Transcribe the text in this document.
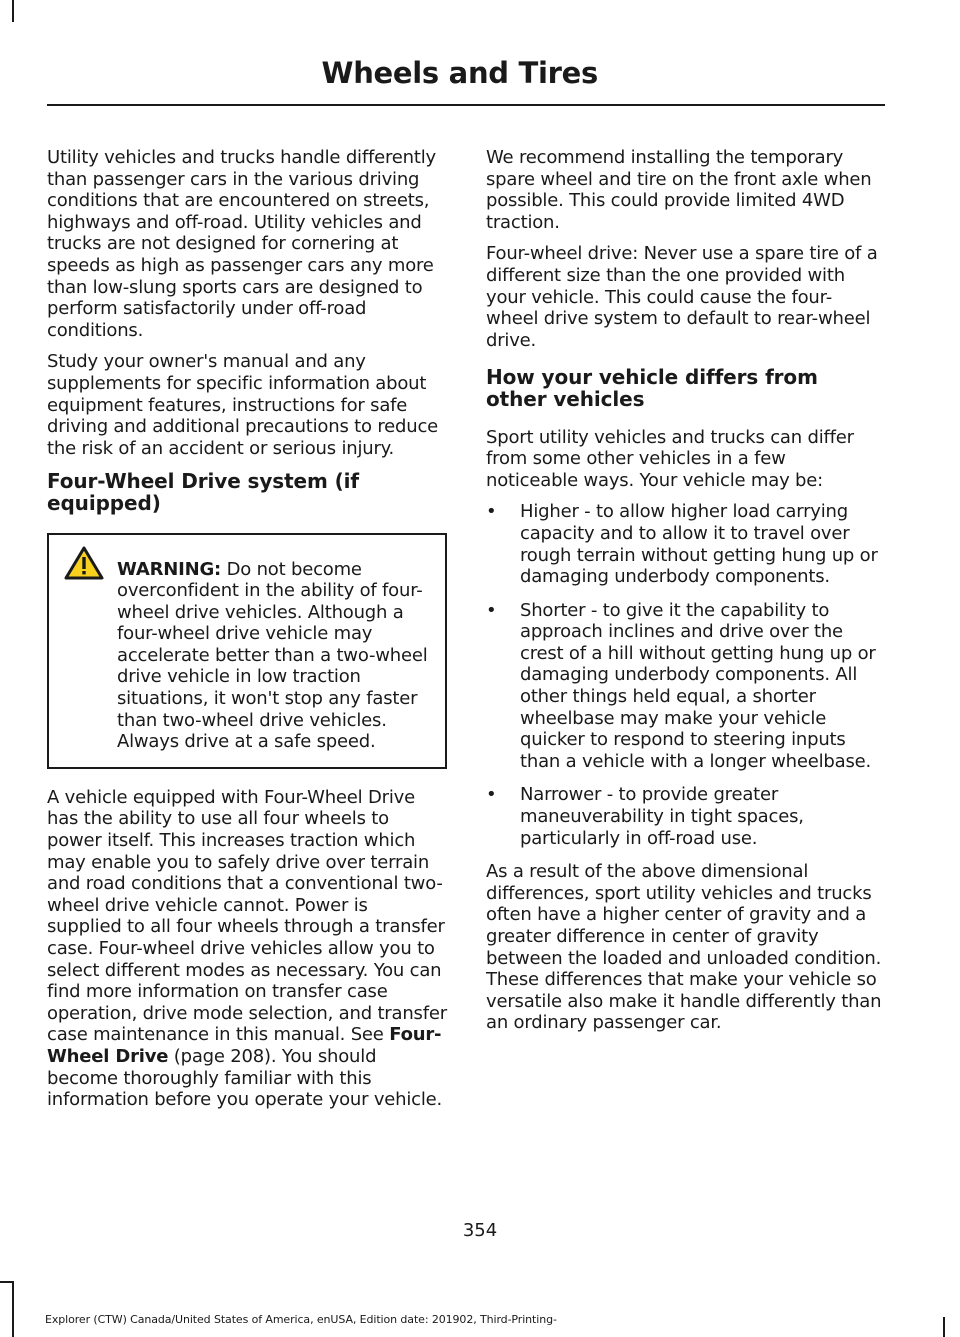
Wheels and Tires

Utility vehicles and trucks handle differently than passenger cars in the various driving conditions that are encountered on streets, highways and off-road. Utility vehicles and trucks are not designed for cornering at speeds as high as passenger cars any more than low-slung sports cars are designed to perform satisfactorily under off-road conditions.

Study your owner's manual and any supplements for specific information about equipment features, instructions for safe driving and additional precautions to reduce the risk of an accident or serious injury.

Four-Wheel Drive system (if equipped)

WARNING: Do not become overconfident in the ability of four-wheel drive vehicles. Although a four-wheel drive vehicle may accelerate better than a two-wheel drive vehicle in low traction situations, it won't stop any faster than two-wheel drive vehicles. Always drive at a safe speed.

A vehicle equipped with Four-Wheel Drive has the ability to use all four wheels to power itself. This increases traction which may enable you to safely drive over terrain and road conditions that a conventional two-wheel drive vehicle cannot. Power is supplied to all four wheels through a transfer case. Four-wheel drive vehicles allow you to select different modes as necessary. You can find more information on transfer case operation, drive mode selection, and transfer case maintenance in this manual. See Four-Wheel Drive (page 208). You should become thoroughly familiar with this information before you operate your vehicle.

We recommend installing the temporary spare wheel and tire on the front axle when possible. This could provide limited 4WD traction.

Four-wheel drive: Never use a spare tire of a different size than the one provided with your vehicle. This could cause the four-wheel drive system to default to rear-wheel drive.

How your vehicle differs from other vehicles

Sport utility vehicles and trucks can differ from some other vehicles in a few noticeable ways. Your vehicle may be:

• Higher - to allow higher load carrying capacity and to allow it to travel over rough terrain without getting hung up or damaging underbody components.
• Shorter - to give it the capability to approach inclines and drive over the crest of a hill without getting hung up or damaging underbody components. All other things held equal, a shorter wheelbase may make your vehicle quicker to respond to steering inputs than a vehicle with a longer wheelbase.
• Narrower - to provide greater maneuverability in tight spaces, particularly in off-road use.

As a result of the above dimensional differences, sport utility vehicles and trucks often have a higher center of gravity and a greater difference in center of gravity between the loaded and unloaded condition. These differences that make your vehicle so versatile also make it handle differently than an ordinary passenger car.

354
Explorer (CTW) Canada/United States of America, enUSA, Edition date: 201902, Third-Printing-
